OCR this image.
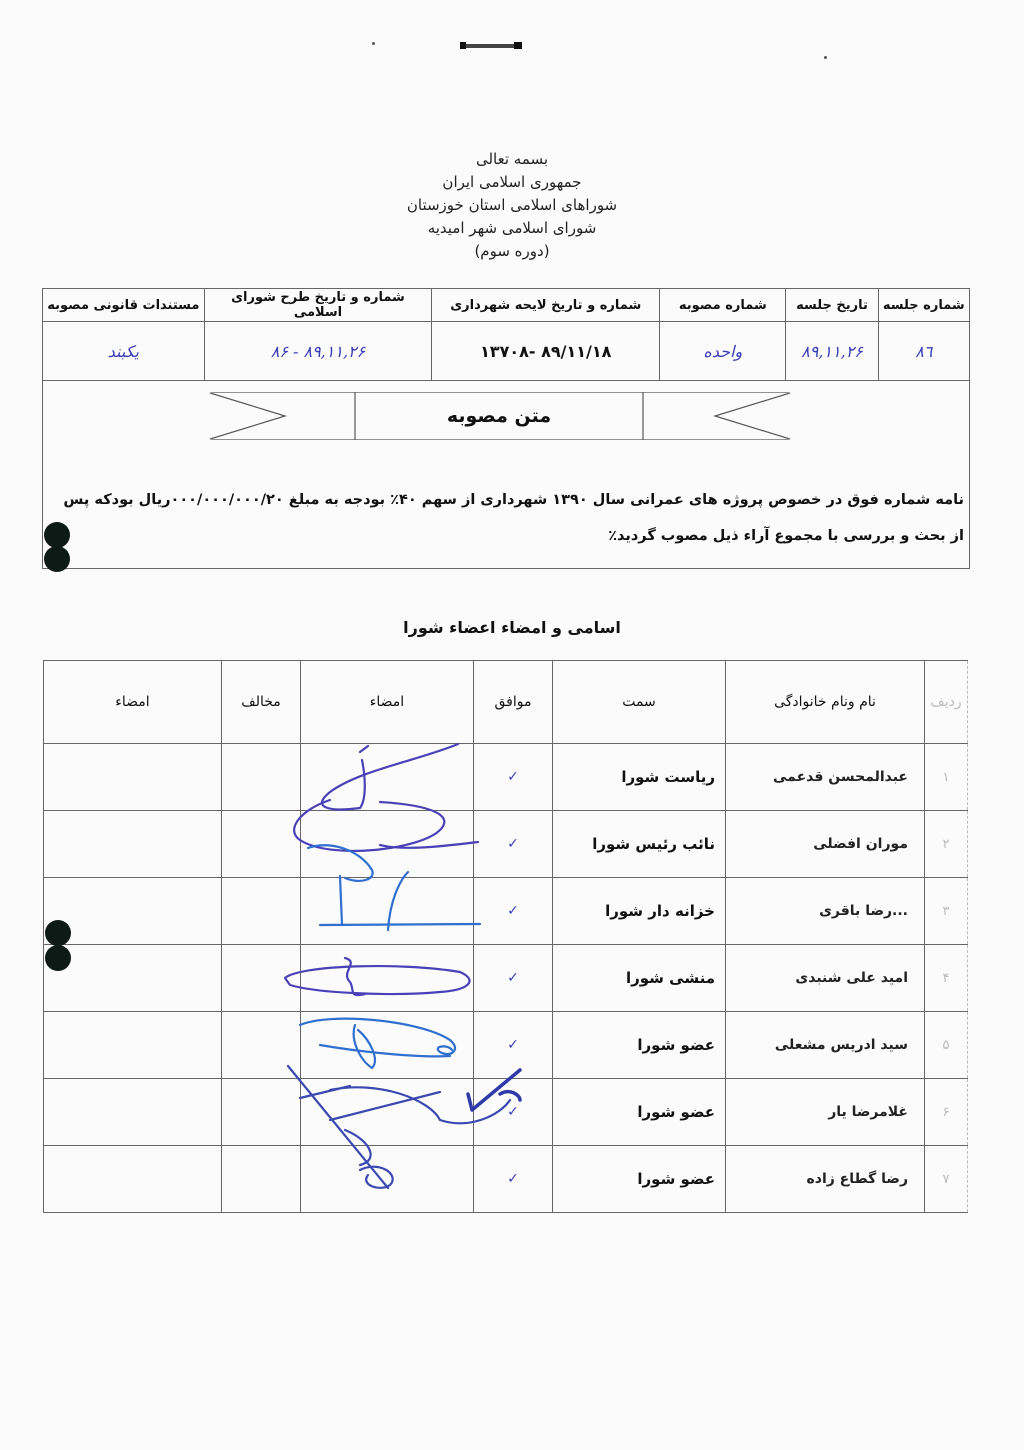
بسمه تعالی
جمهوری اسلامی ایران
شوراهای اسلامی استان خوزستان
شورای اسلامی شهر امیدیه
(دوره سوم)
شماره جلسه	تاریخ جلسه	شماره مصوبه	شماره و تاریخ لایحه شهرداری	شماره و تاریخ طرح شورای اسلامی	مستندات قانونی مصوبه
۸٦	۸۹,۱۱,۲۶	واحده	۸۹/۱۱/۱۸ -۱۳۷۰۸	۸۹,۱۱,۲۶ - ۸۶	یکبند
متن مصوبه
نامه شماره فوق در خصوص پروژه های عمرانی سال ۱۳۹۰ شهرداری از سهم ۴۰٪ بودجه به مبلغ ۰۰۰/۰۰۰/۰۰۰/۲۰ریال بودکه پس از بحث و بررسی با مجموع آراء ذیل مصوب گردید٪
اسامی و امضاء اعضاء شورا
ردیف	نام ونام خانوادگی	سمت	موافق	امضاء	مخالف	امضاء
۱	عبدالمحسن قدعمی	ریاست شورا	✓			
۲	موران افضلی	نائب رئیس شورا	✓			
۳	...رضا باقری	خزانه دار شورا	✓			
۴	امید علی شنبدی	منشی شورا	✓			
۵	سید ادریس مشعلی	عضو شورا	✓			
۶	غلامرضا یار	عضو شورا	✓			
۷	رضا گطاع زاده	عضو شورا	✓			
